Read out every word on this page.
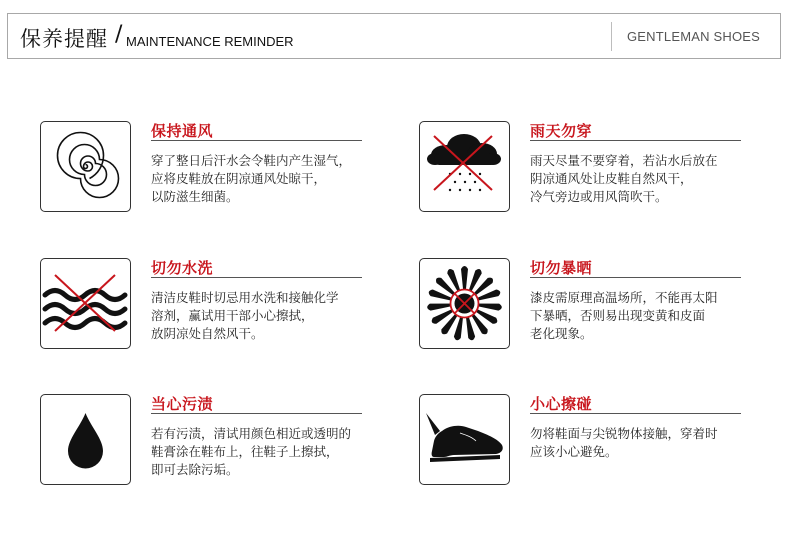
保养提醒 / MAINTENANCE REMINDER	GENTLEMAN SHOES
保持通风
穿了整日后汗水会令鞋内产生湿气，
应将皮鞋放在阴凉通风处晾干，
以防滋生细菌。
雨天勿穿
雨天尽量不要穿着，若沾水后放在
阴凉通风处让皮鞋自然风干，
冷气旁边或用风筒吹干。
切勿水洗
清洁皮鞋时切忌用水洗和接触化学
溶剂，赢试用干部小心擦拭，
放阴凉处自然风干。
切勿暴晒
漆皮需原理高温场所，不能再太阳
下暴晒，否则易出现变黄和皮面
老化现象。
当心污渍
若有污渍，清试用颜色相近或透明的
鞋膏涂在鞋布上，往鞋子上擦拭，
即可去除污垢。
小心擦碰
勿将鞋面与尖锐物体接触，穿着时
应该小心避免。
